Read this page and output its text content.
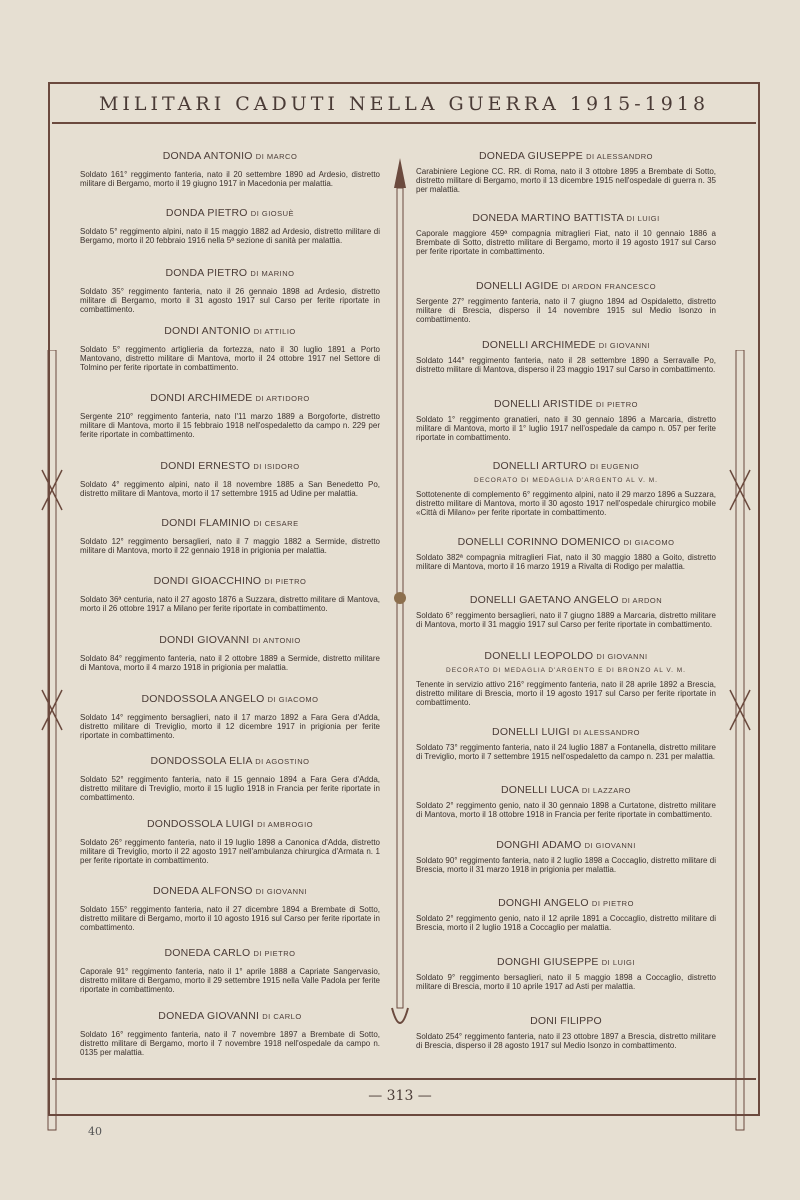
MILITARI CADUTI NELLA GUERRA 1915-1918
DONDA ANTONIO DI MARCO
Soldato 161° reggimento fanteria, nato il 20 settembre 1890 ad Ardesio, distretto militare di Bergamo, morto il 19 giugno 1917 in Macedonia per malattia.
DONDA PIETRO DI GIOSUÈ
Soldato 5° reggimento alpini, nato il 15 maggio 1882 ad Ardesio, distretto militare di Bergamo, morto il 20 febbraio 1916 nella 5ª sezione di sanità per malattia.
DONDA PIETRO DI MARINO
Soldato 35° reggimento fanteria, nato il 26 gennaio 1898 ad Ardesio, distretto militare di Bergamo, morto il 31 agosto 1917 sul Carso per ferite riportate in combattimento.
DONDI ANTONIO DI ATTILIO
Soldato 5° reggimento artiglieria da fortezza, nato il 30 luglio 1891 a Porto Mantovano, distretto militare di Mantova, morto il 24 ottobre 1917 nel Settore di Tolmino per ferite riportate in combattimento.
DONDI ARCHIMEDE DI ARTIDORO
Sergente 210° reggimento fanteria, nato l'11 marzo 1889 a Borgoforte, distretto militare di Mantova, morto il 15 febbraio 1918 nell'ospedaletto da campo n. 229 per ferite riportate in combattimento.
DONDI ERNESTO DI ISIDORO
Soldato 4° reggimento alpini, nato il 18 novembre 1885 a San Benedetto Po, distretto militare di Mantova, morto il 17 settembre 1915 ad Udine per malattia.
DONDI FLAMINIO DI CESARE
Soldato 12° reggimento bersaglieri, nato il 7 maggio 1882 a Sermide, distretto militare di Mantova, morto il 22 gennaio 1918 in prigionia per malattia.
DONDI GIOACCHINO DI PIETRO
Soldato 36ª centuria, nato il 27 agosto 1876 a Suzzara, distretto militare di Mantova, morto il 26 ottobre 1917 a Milano per ferite riportate in combattimento.
DONDI GIOVANNI DI ANTONIO
Soldato 84° reggimento fanteria, nato il 2 ottobre 1889 a Sermide, distretto militare di Mantova, morto il 4 marzo 1918 in prigionia per malattia.
DONDOSSOLA ANGELO DI GIACOMO
Soldato 14° reggimento bersaglieri, nato il 17 marzo 1892 a Fara Gera d'Adda, distretto militare di Treviglio, morto il 12 dicembre 1917 in prigionia per ferite riportate in combattimento.
DONDOSSOLA ELIA DI AGOSTINO
Soldato 52° reggimento fanteria, nato il 15 gennaio 1894 a Fara Gera d'Adda, distretto militare di Treviglio, morto il 15 luglio 1918 in Francia per ferite riportate in combattimento.
DONDOSSOLA LUIGI DI AMBROGIO
Soldato 26° reggimento fanteria, nato il 19 luglio 1898 a Canonica d'Adda, distretto militare di Treviglio, morto il 22 agosto 1917 nell'ambulanza chirurgica d'Armata n. 1 per ferite riportate in combattimento.
DONEDA ALFONSO DI GIOVANNI
Soldato 155° reggimento fanteria, nato il 27 dicembre 1894 a Brembate di Sotto, distretto militare di Bergamo, morto il 10 agosto 1916 sul Carso per ferite riportate in combattimento.
DONEDA CARLO DI PIETRO
Caporale 91° reggimento fanteria, nato il 1° aprile 1888 a Capriate Sangervasio, distretto militare di Bergamo, morto il 29 settembre 1915 nella Valle Padola per ferite riportate in combattimento.
DONEDA GIOVANNI DI CARLO
Soldato 16° reggimento fanteria, nato il 7 novembre 1897 a Brembate di Sotto, distretto militare di Bergamo, morto il 7 novembre 1918 nell'ospedale da campo n. 0135 per malattia.
DONEDA GIUSEPPE DI ALESSANDRO
Carabiniere Legione CC. RR. di Roma, nato il 3 ottobre 1895 a Brembate di Sotto, distretto militare di Bergamo, morto il 13 dicembre 1915 nell'ospedale di guerra n. 35 per malattia.
DONEDA MARTINO BATTISTA DI LUIGI
Caporale maggiore 459ª compagnia mitraglieri Fiat, nato il 10 gennaio 1886 a Brembate di Sotto, distretto militare di Bergamo, morto il 19 agosto 1917 sul Carso per ferite riportate in combattimento.
DONELLI AGIDE DI ARDON FRANCESCO
Sergente 27° reggimento fanteria, nato il 7 giugno 1894 ad Ospidaletto, distretto militare di Brescia, disperso il 14 novembre 1915 sul Medio Isonzo in combattimento.
DONELLI ARCHIMEDE DI GIOVANNI
Soldato 144° reggimento fanteria, nato il 28 settembre 1890 a Serravalle Po, distretto militare di Mantova, disperso il 23 maggio 1917 sul Carso in combattimento.
DONELLI ARISTIDE DI PIETRO
Soldato 1° reggimento granatieri, nato il 30 gennaio 1896 a Marcaria, distretto militare di Mantova, morto il 1° luglio 1917 nell'ospedale da campo n. 057 per ferite riportate in combattimento.
DONELLI ARTURO DI EUGENIO
DECORATO DI MEDAGLIA D'ARGENTO AL V. M.
Sottotenente di complemento 6° reggimento alpini, nato il 29 marzo 1896 a Suzzara, distretto militare di Mantova, morto il 30 agosto 1917 nell'ospedale chirurgico mobile «Città di Milano» per ferite riportate in combattimento.
DONELLI CORINNO DOMENICO DI GIACOMO
Soldato 382ª compagnia mitraglieri Fiat, nato il 30 maggio 1880 a Goito, distretto militare di Mantova, morto il 16 marzo 1919 a Rivalta di Rodigo per malattia.
DONELLI GAETANO ANGELO DI ARDON
Soldato 6° reggimento bersaglieri, nato il 7 giugno 1889 a Marcaria, distretto militare di Mantova, morto il 31 maggio 1917 sul Carso per ferite riportate in combattimento.
DONELLI LEOPOLDO DI GIOVANNI
DECORATO DI MEDAGLIA D'ARGENTO E DI BRONZO AL V. M.
Tenente in servizio attivo 216° reggimento fanteria, nato il 28 aprile 1892 a Brescia, distretto militare di Brescia, morto il 19 agosto 1917 sul Carso per ferite riportate in combattimento.
DONELLI LUIGI DI ALESSANDRO
Soldato 73° reggimento fanteria, nato il 24 luglio 1887 a Fontanella, distretto militare di Treviglio, morto il 7 settembre 1915 nell'ospedaletto da campo n. 231 per malattia.
DONELLI LUCA DI LAZZARO
Soldato 2° reggimento genio, nato il 30 gennaio 1898 a Curtatone, distretto militare di Mantova, morto il 18 ottobre 1918 in Francia per ferite riportate in combattimento.
DONGHI ADAMO DI GIOVANNI
Soldato 90° reggimento fanteria, nato il 2 luglio 1898 a Coccaglio, distretto militare di Brescia, morto il 31 marzo 1918 in prigionia per malattia.
DONGHI ANGELO DI PIETRO
Soldato 2° reggimento genio, nato il 12 aprile 1891 a Coccaglio, distretto militare di Brescia, morto il 2 luglio 1918 a Coccaglio per malattia.
DONGHI GIUSEPPE DI LUIGI
Soldato 9° reggimento bersaglieri, nato il 5 maggio 1898 a Coccaglio, distretto militare di Brescia, morto il 10 aprile 1917 ad Asti per malattia.
DONI FILIPPO
Soldato 254° reggimento fanteria, nato il 23 ottobre 1897 a Brescia, distretto militare di Brescia, disperso il 28 agosto 1917 sul Medio Isonzo in combattimento.
— 313 —
40
